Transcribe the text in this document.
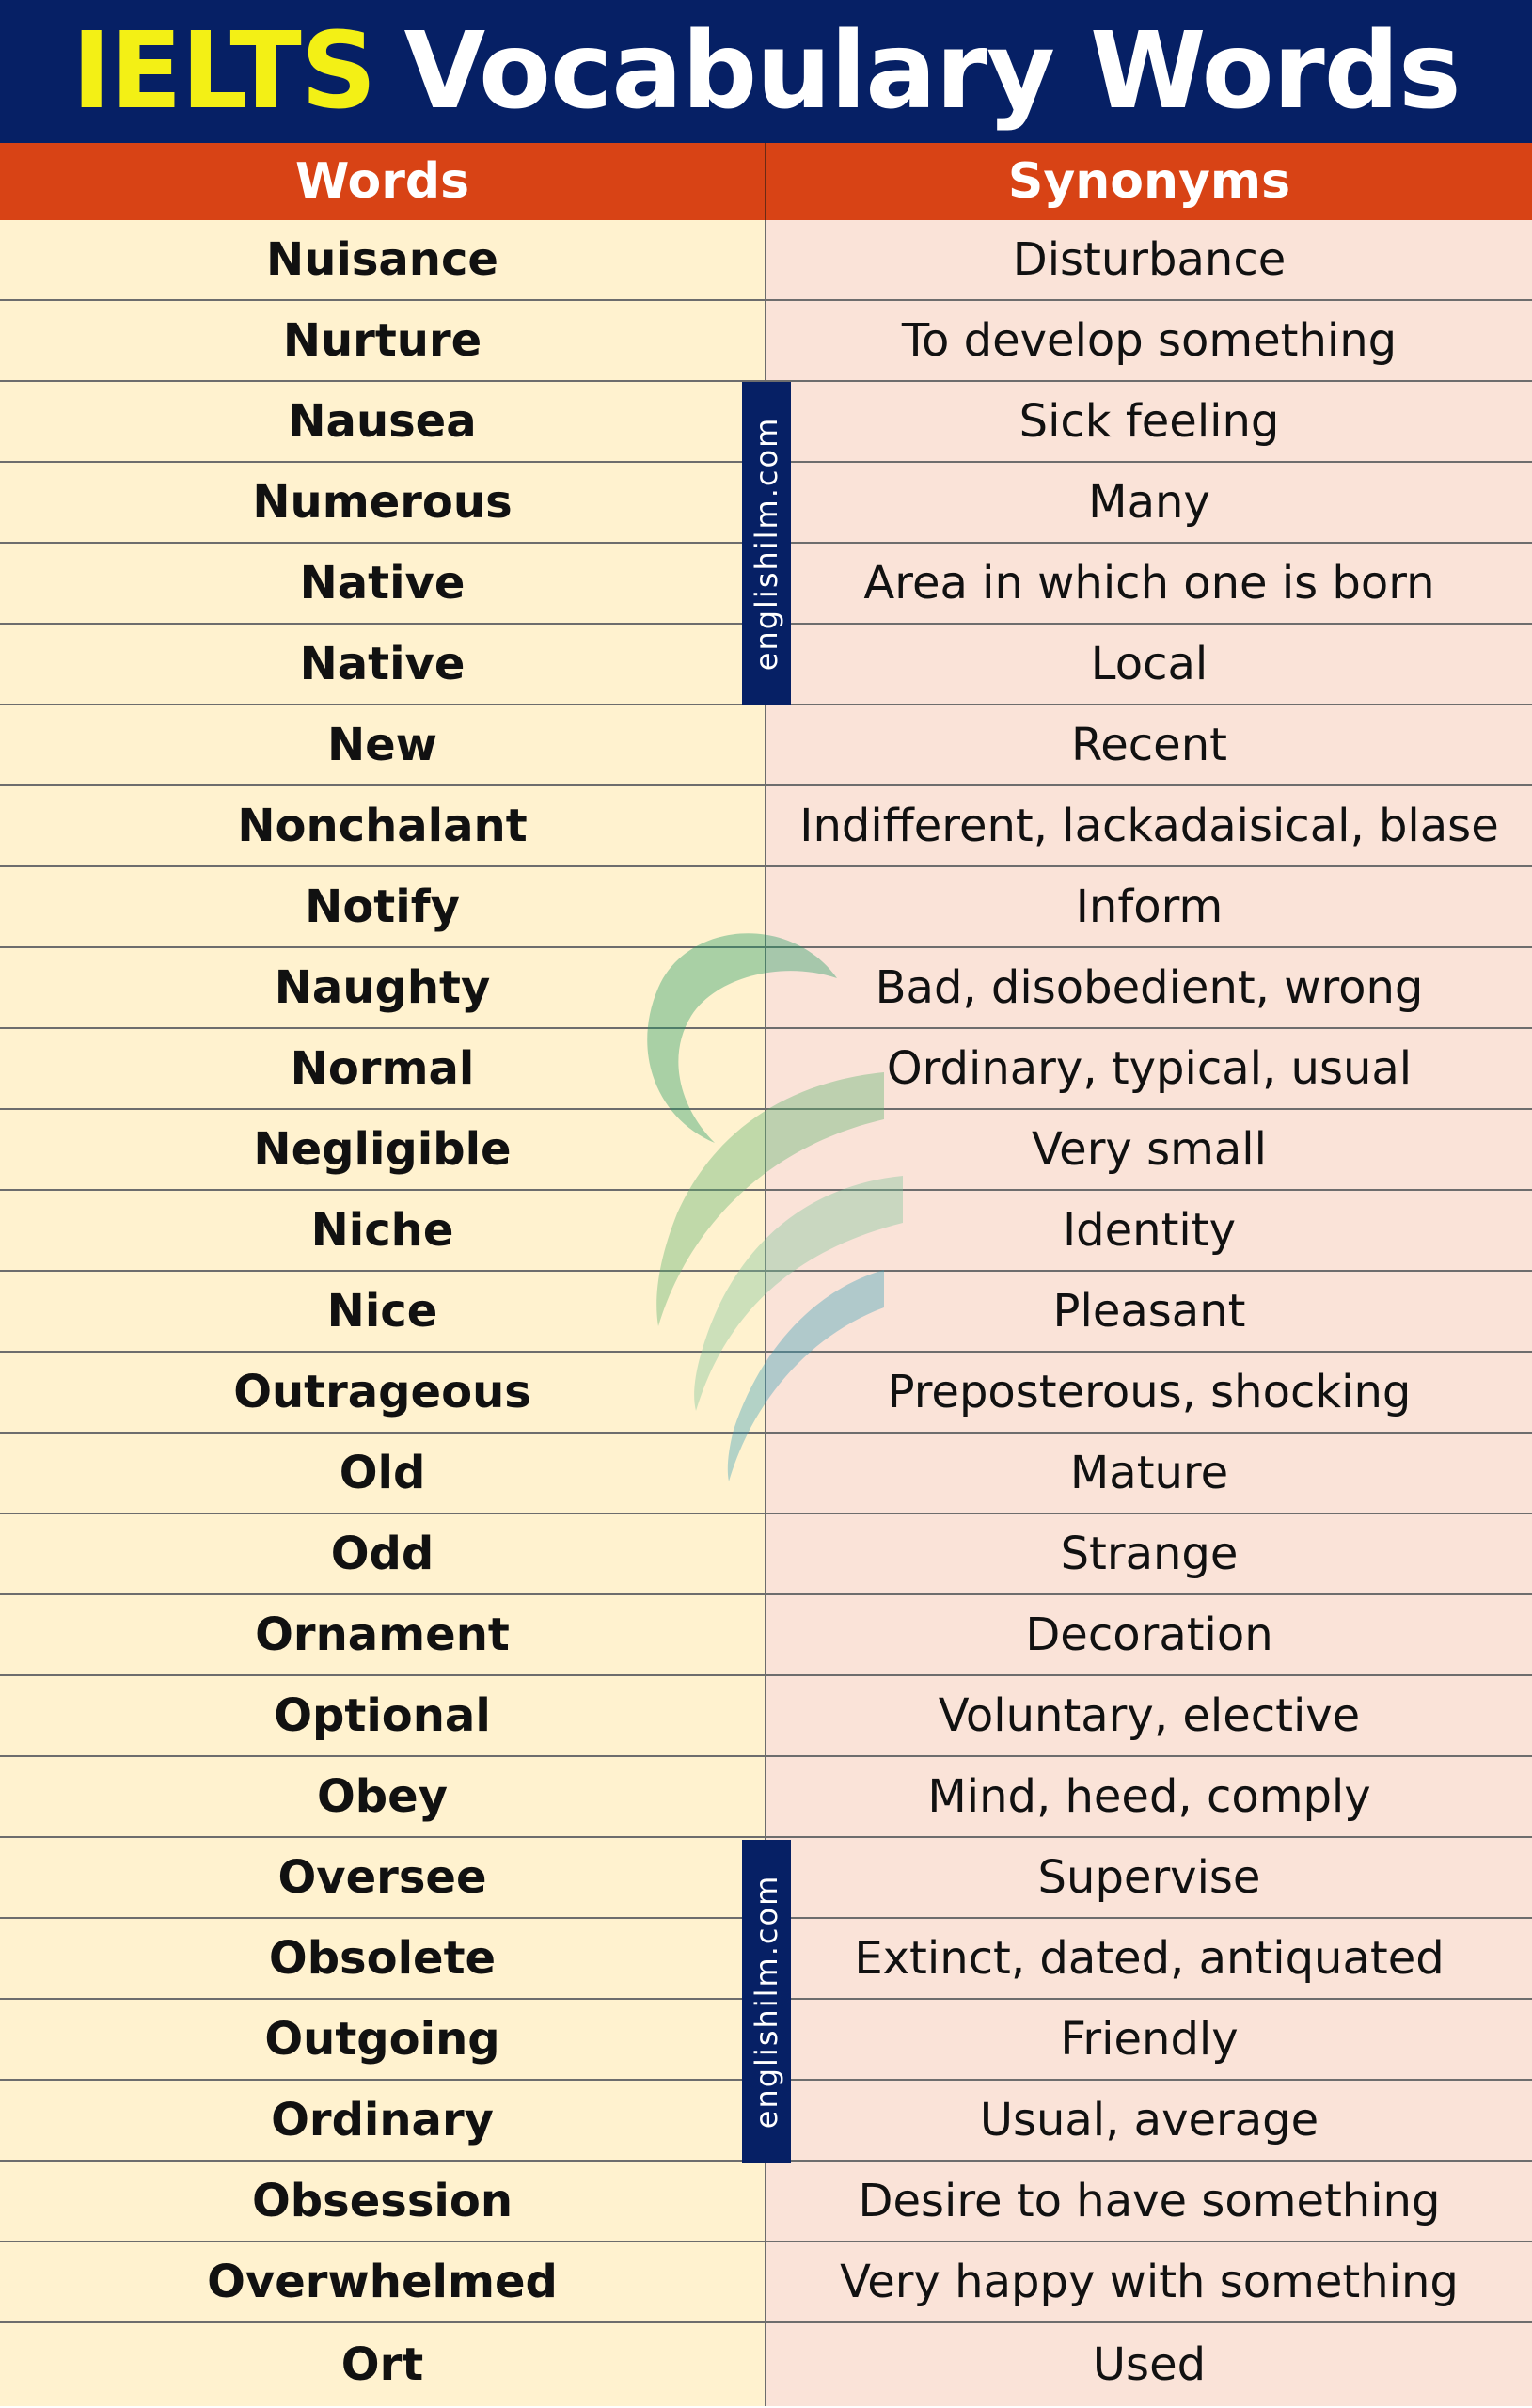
IELTS Vocabulary Words
Words	Synonyms
Nuisance	Disturbance
Nurture	To develop something
Nausea	Sick feeling
Numerous	Many
Native	Area in which one is born
Native	Local
New	Recent
Nonchalant	Indifferent, lackadaisical, blase
Notify	Inform
Naughty	Bad, disobedient, wrong
Normal	Ordinary, typical, usual
Negligible	Very small
Niche	Identity
Nice	Pleasant
Outrageous	Preposterous, shocking
Old	Mature
Odd	Strange
Ornament	Decoration
Optional	Voluntary, elective
Obey	Mind, heed, comply
Oversee	Supervise
Obsolete	Extinct, dated, antiquated
Outgoing	Friendly
Ordinary	Usual, average
Obsession	Desire to have something
Overwhelmed	Very happy with something
Ort	Used
englishilm.com
englishilm.com
